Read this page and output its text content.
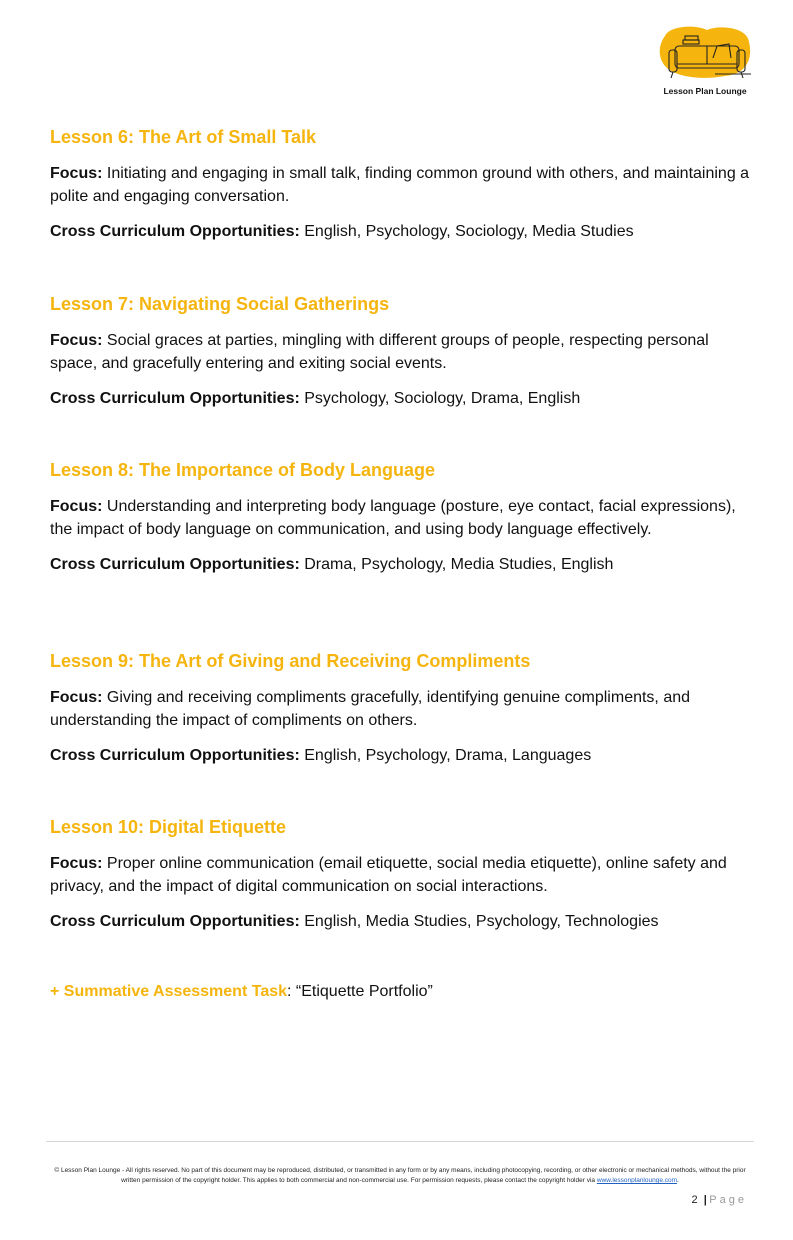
Lesson Plan Lounge
Lesson 6: The Art of Small Talk

Focus: Initiating and engaging in small talk, finding common ground with others, and maintaining a polite and engaging conversation.

Cross Curriculum Opportunities: English, Psychology, Sociology, Media Studies

Lesson 7: Navigating Social Gatherings

Focus: Social graces at parties, mingling with different groups of people, respecting personal space, and gracefully entering and exiting social events.

Cross Curriculum Opportunities: Psychology, Sociology, Drama, English

Lesson 8: The Importance of Body Language

Focus: Understanding and interpreting body language (posture, eye contact, facial expressions), the impact of body language on communication, and using body language effectively.

Cross Curriculum Opportunities: Drama, Psychology, Media Studies, English

Lesson 9: The Art of Giving and Receiving Compliments

Focus: Giving and receiving compliments gracefully, identifying genuine compliments, and understanding the impact of compliments on others.

Cross Curriculum Opportunities: English, Psychology, Drama, Languages

Lesson 10: Digital Etiquette

Focus: Proper online communication (email etiquette, social media etiquette), online safety and privacy, and the impact of digital communication on social interactions.

Cross Curriculum Opportunities: English, Media Studies, Psychology, Technologies

+ Summative Assessment Task: “Etiquette Portfolio”
© Lesson Plan Lounge - All rights reserved. No part of this document may be reproduced, distributed, or transmitted in any form or by any means, including photocopying, recording, or other electronic or mechanical methods, without the prior written permission of the copyright holder. This applies to both commercial and non-commercial use. For permission requests, please contact the copyright holder via www.lessonplanlounge.com.
2 | Page
